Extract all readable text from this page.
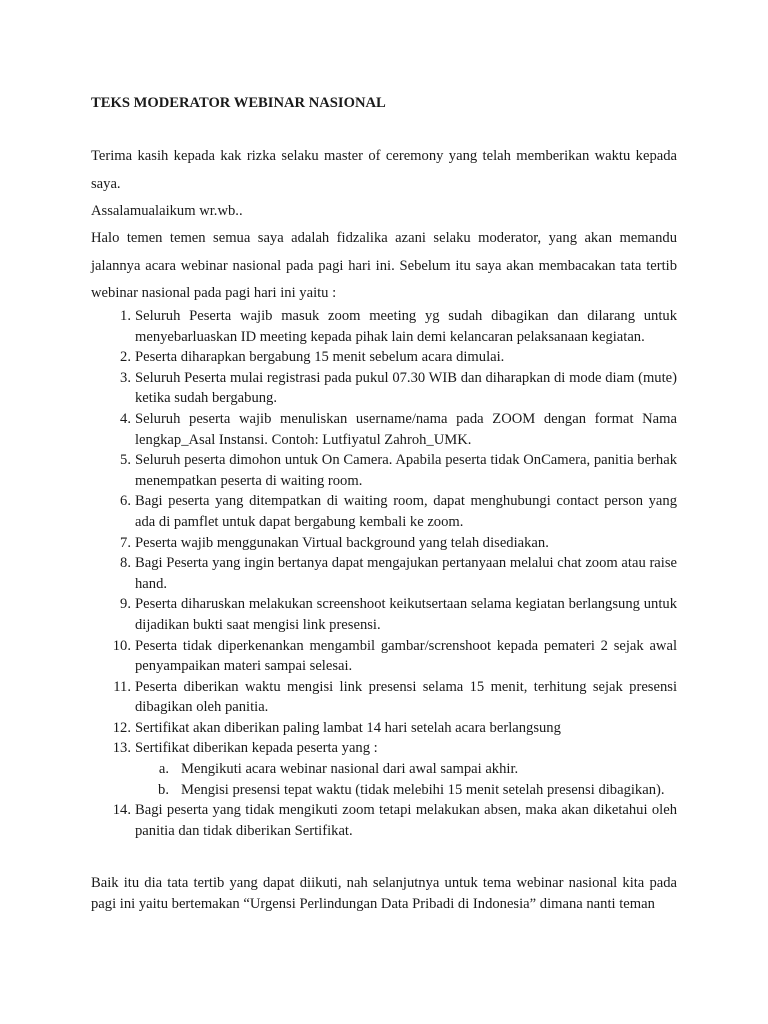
TEKS MODERATOR WEBINAR NASIONAL

Terima kasih kepada kak rizka selaku master of ceremony yang telah memberikan waktu kepada saya.

Assalamualaikum wr.wb..

Halo temen temen semua saya adalah fidzalika azani selaku moderator, yang akan memandu jalannya acara webinar nasional pada pagi hari ini. Sebelum itu saya akan membacakan tata tertib webinar nasional pada pagi hari ini yaitu :

1. Seluruh Peserta wajib masuk zoom meeting yg sudah dibagikan dan dilarang untuk menyebarluaskan ID meeting kepada pihak lain demi kelancaran pelaksanaan kegiatan.
2. Peserta diharapkan bergabung 15 menit sebelum acara dimulai.
3. Seluruh Peserta mulai registrasi pada pukul 07.30 WIB dan diharapkan di mode diam (mute) ketika sudah bergabung.
4. Seluruh peserta wajib menuliskan username/nama pada ZOOM dengan format Nama lengkap_Asal Instansi. Contoh: Lutfiyatul Zahroh_UMK.
5. Seluruh peserta dimohon untuk On Camera. Apabila peserta tidak OnCamera, panitia berhak menempatkan peserta di waiting room.
6. Bagi peserta yang ditempatkan di waiting room, dapat menghubungi contact person yang ada di pamflet untuk dapat bergabung kembali ke zoom.
7. Peserta wajib menggunakan Virtual background yang telah disediakan.
8. Bagi Peserta yang ingin bertanya dapat mengajukan pertanyaan melalui chat zoom atau raise hand.
9. Peserta diharuskan melakukan screenshoot keikutsertaan selama kegiatan berlangsung untuk dijadikan bukti saat mengisi link presensi.
10. Peserta tidak diperkenankan mengambil gambar/screnshoot kepada pemateri 2 sejak awal penyampaikan materi sampai selesai.
11. Peserta diberikan waktu mengisi link presensi selama 15 menit, terhitung sejak presensi dibagikan oleh panitia.
12. Sertifikat akan diberikan paling lambat 14 hari setelah acara berlangsung
13. Sertifikat diberikan kepada peserta yang :
a. Mengikuti acara webinar nasional dari awal sampai akhir.
b. Mengisi presensi tepat waktu (tidak melebihi 15 menit setelah presensi dibagikan).
14. Bagi peserta yang tidak mengikuti zoom tetapi melakukan absen, maka akan diketahui oleh panitia dan tidak diberikan Sertifikat.

Baik itu dia tata tertib yang dapat diikuti, nah selanjutnya untuk tema webinar nasional kita pada pagi ini yaitu bertemakan “Urgensi Perlindungan Data Pribadi di Indonesia” dimana nanti teman
